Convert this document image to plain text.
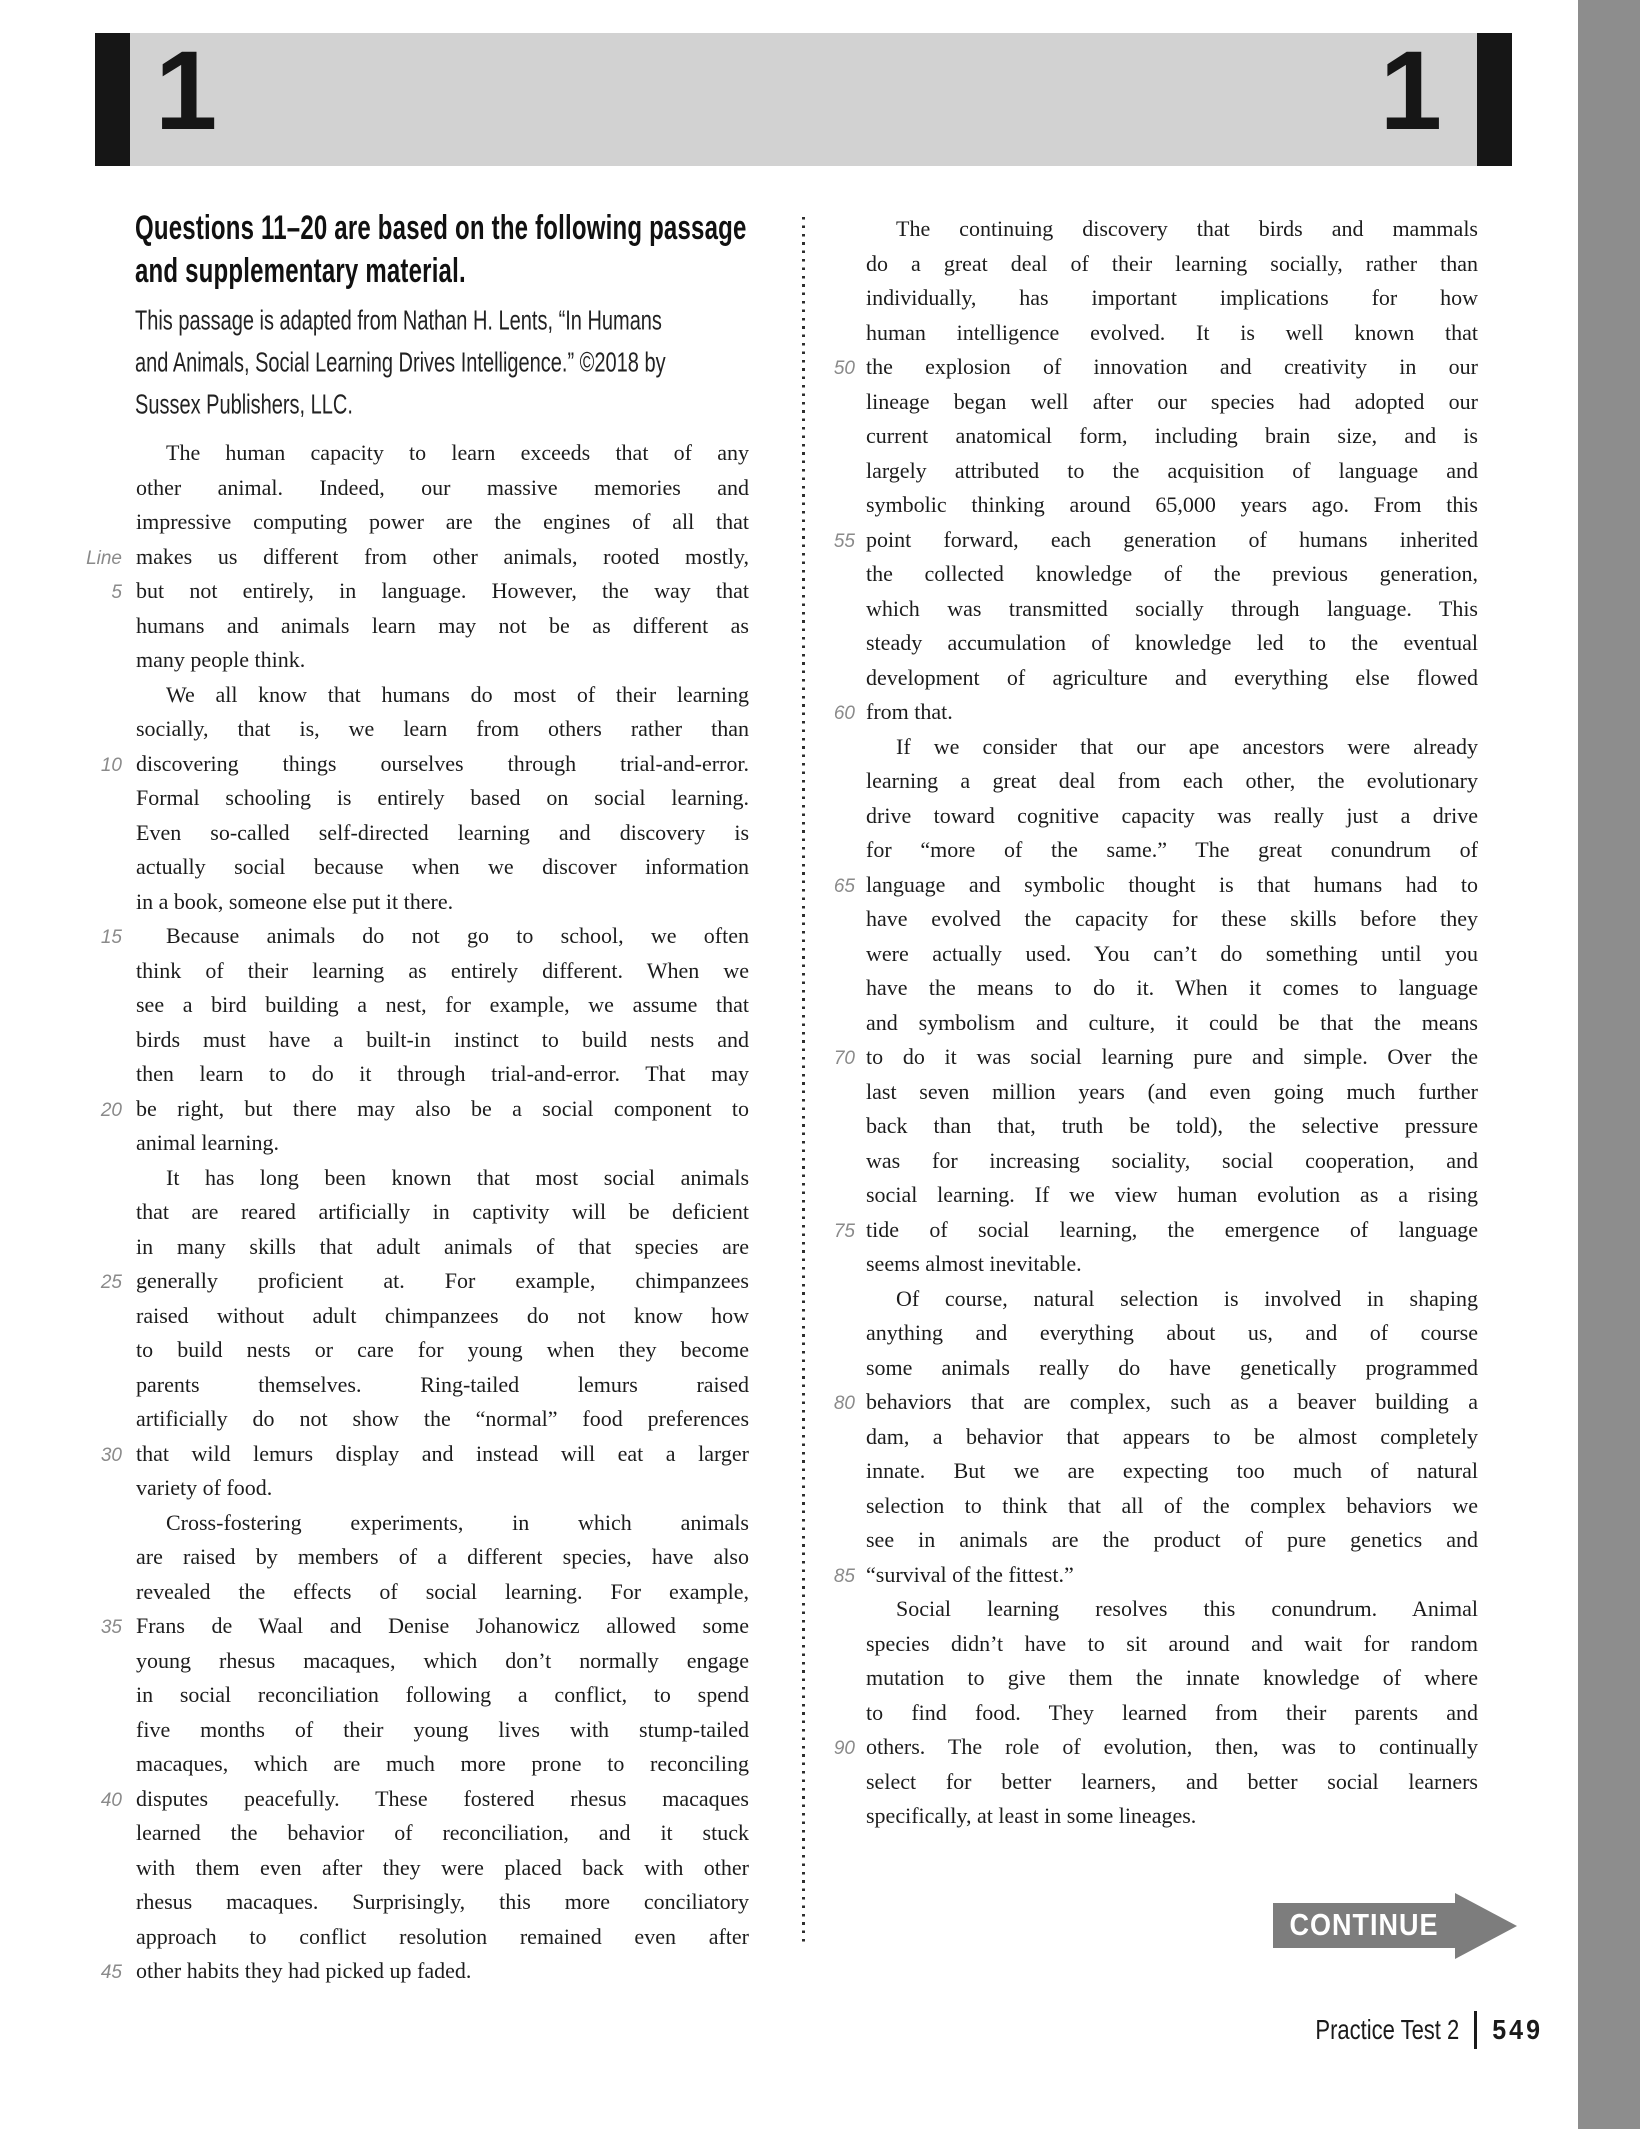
1	1
Questions 11–20 are based on the following passage
and supplementary material.
This passage is adapted from Nathan H. Lents, “In Humans
and Animals, Social Learning Drives Intelligence.” ©2018 by
Sussex Publishers, LLC.
The human capacity to learn exceeds that of any
other animal. Indeed, our massive memories and
impressive computing power are the engines of all that
Line makes us different from other animals, rooted mostly,
5 but not entirely, in language. However, the way that
humans and animals learn may not be as different as
many people think.
We all know that humans do most of their learning
socially, that is, we learn from others rather than
10 discovering things ourselves through trial-and-error.
Formal schooling is entirely based on social learning.
Even so-called self-directed learning and discovery is
actually social because when we discover information
in a book, someone else put it there.
15	Because animals do not go to school, we often
think of their learning as entirely different. When we
see a bird building a nest, for example, we assume that
birds must have a built-in instinct to build nests and
then learn to do it through trial-and-error. That may
20 be right, but there may also be a social component to
animal learning.
It has long been known that most social animals
that are reared artificially in captivity will be deficient
in many skills that adult animals of that species are
25 generally proficient at. For example, chimpanzees
raised without adult chimpanzees do not know how
to build nests or care for young when they become
parents themselves. Ring-tailed lemurs raised
artificially do not show the “normal” food preferences
30 that wild lemurs display and instead will eat a larger
variety of food.
Cross-fostering experiments, in which animals
are raised by members of a different species, have also
revealed the effects of social learning. For example,
35 Frans de Waal and Denise Johanowicz allowed some
young rhesus macaques, which don’t normally engage
in social reconciliation following a conflict, to spend
five months of their young lives with stump-tailed
macaques, which are much more prone to reconciling
40 disputes peacefully. These fostered rhesus macaques
learned the behavior of reconciliation, and it stuck
with them even after they were placed back with other
rhesus macaques. Surprisingly, this more conciliatory
approach to conflict resolution remained even after
45 other habits they had picked up faded.
The continuing discovery that birds and mammals
do a great deal of their learning socially, rather than
individually, has important implications for how
human intelligence evolved. It is well known that
50 the explosion of innovation and creativity in our
lineage began well after our species had adopted our
current anatomical form, including brain size, and is
largely attributed to the acquisition of language and
symbolic thinking around 65,000 years ago. From this
55 point forward, each generation of humans inherited
the collected knowledge of the previous generation,
which was transmitted socially through language. This
steady accumulation of knowledge led to the eventual
development of agriculture and everything else flowed
60 from that.
If we consider that our ape ancestors were already
learning a great deal from each other, the evolutionary
drive toward cognitive capacity was really just a drive
for “more of the same.” The great conundrum of
65 language and symbolic thought is that humans had to
have evolved the capacity for these skills before they
were actually used. You can’t do something until you
have the means to do it. When it comes to language
and symbolism and culture, it could be that the means
70 to do it was social learning pure and simple. Over the
last seven million years (and even going much further
back than that, truth be told), the selective pressure
was for increasing sociality, social cooperation, and
social learning. If we view human evolution as a rising
75 tide of social learning, the emergence of language
seems almost inevitable.
Of course, natural selection is involved in shaping
anything and everything about us, and of course
some animals really do have genetically programmed
80 behaviors that are complex, such as a beaver building a
dam, a behavior that appears to be almost completely
innate. But we are expecting too much of natural
selection to think that all of the complex behaviors we
see in animals are the product of pure genetics and
85 “survival of the fittest.”
Social learning resolves this conundrum. Animal
species didn’t have to sit around and wait for random
mutation to give them the innate knowledge of where
to find food. They learned from their parents and
90 others. The role of evolution, then, was to continually
select for better learners, and better social learners
specifically, at least in some lineages.
CONTINUE
Practice Test 2 549
